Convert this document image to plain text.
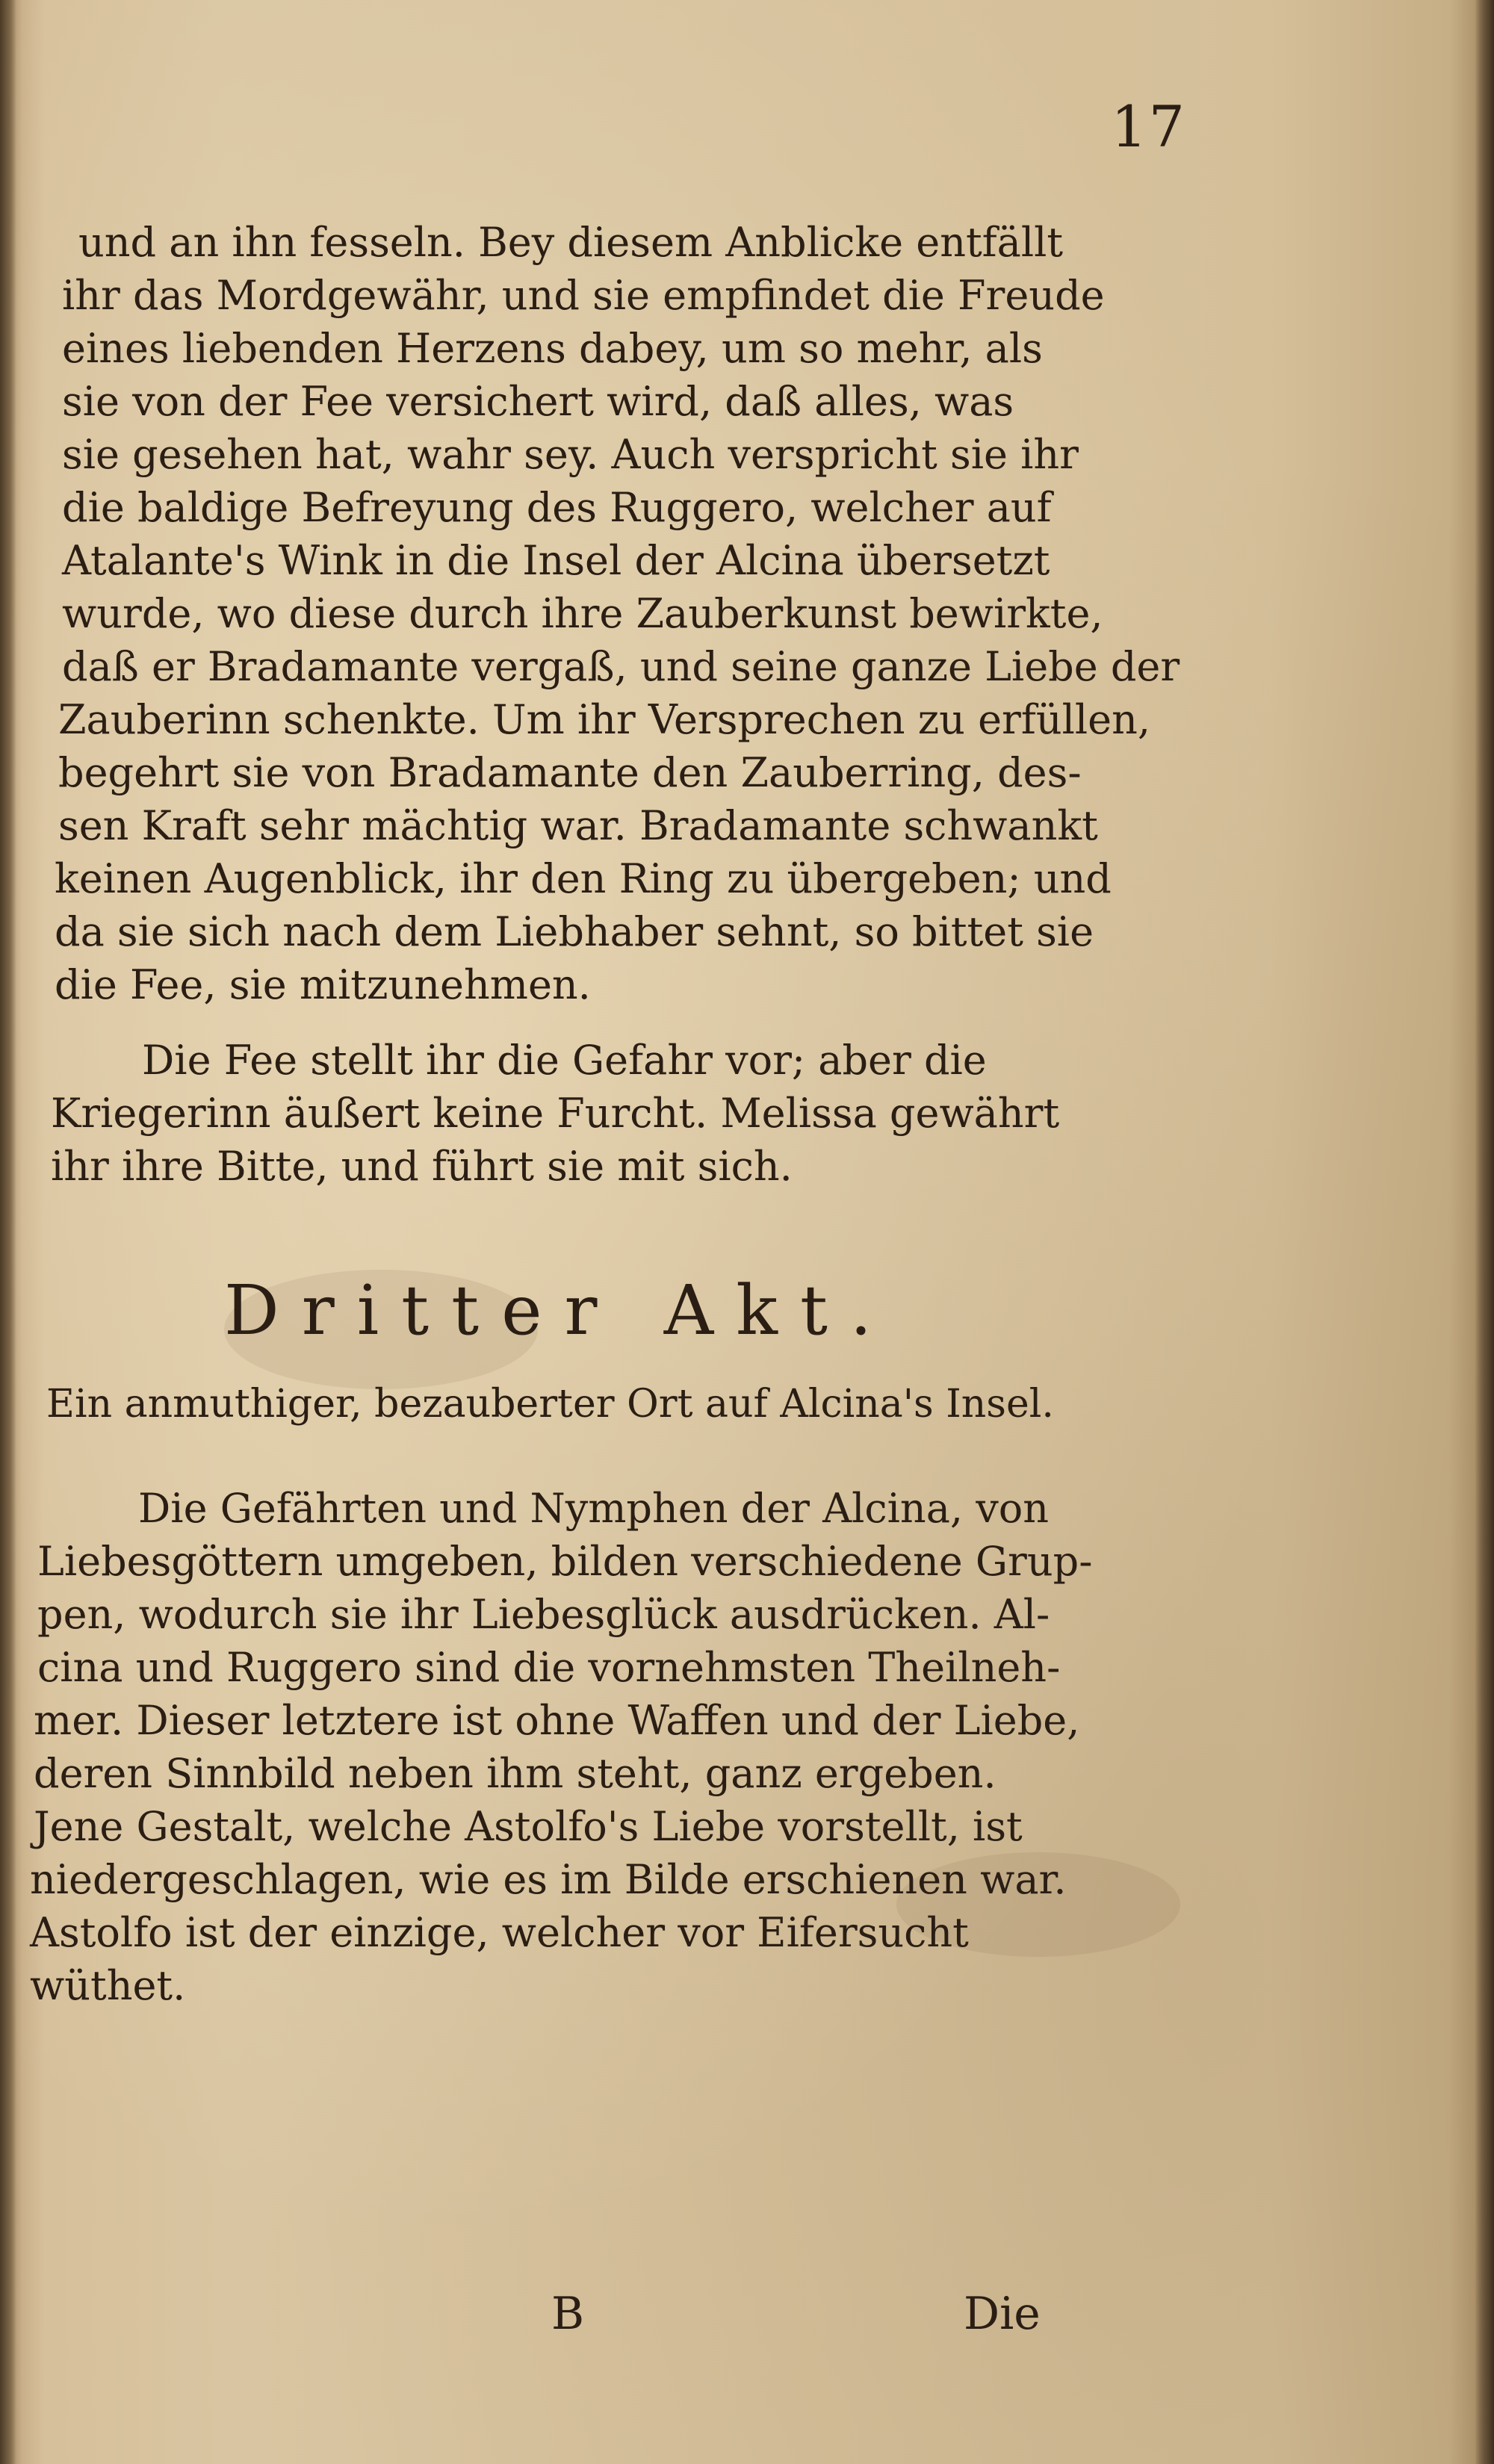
17
und an ihn fesseln. Bey diesem Anblicke entfällt
ihr das Mordgewähr, und sie empfindet die Freude
eines liebenden Herzens dabey, um so mehr, als
sie von der Fee versichert wird, daß alles, was
sie gesehen hat, wahr sey. Auch verspricht sie ihr
die baldige Befreyung des Ruggero, welcher auf
Atalante's Wink in die Insel der Alcina übersetzt
wurde, wo diese durch ihre Zauberkunst bewirkte,
daß er Bradamante vergaß, und seine ganze Liebe der
Zauberinn schenkte. Um ihr Versprechen zu erfüllen,
begehrt sie von Bradamante den Zauberring, des-
sen Kraft sehr mächtig war. Bradamante schwankt
keinen Augenblick, ihr den Ring zu übergeben; und
da sie sich nach dem Liebhaber sehnt, so bittet sie
die Fee, sie mitzunehmen.
Die Fee stellt ihr die Gefahr vor; aber die
Kriegerinn äußert keine Furcht. Melissa gewährt
ihr ihre Bitte, und führt sie mit sich.
Dritter Akt.
Ein anmuthiger, bezauberter Ort auf Alcina's Insel.
Die Gefährten und Nymphen der Alcina, von
Liebesgöttern umgeben, bilden verschiedene Grup-
pen, wodurch sie ihr Liebesglück ausdrücken. Al-
cina und Ruggero sind die vornehmsten Theilneh-
mer. Dieser letztere ist ohne Waffen und der Liebe,
deren Sinnbild neben ihm steht, ganz ergeben.
Jene Gestalt, welche Astolfo's Liebe vorstellt, ist
niedergeschlagen, wie es im Bilde erschienen war.
Astolfo ist der einzige, welcher vor Eifersucht
wüthet.
B	Die
